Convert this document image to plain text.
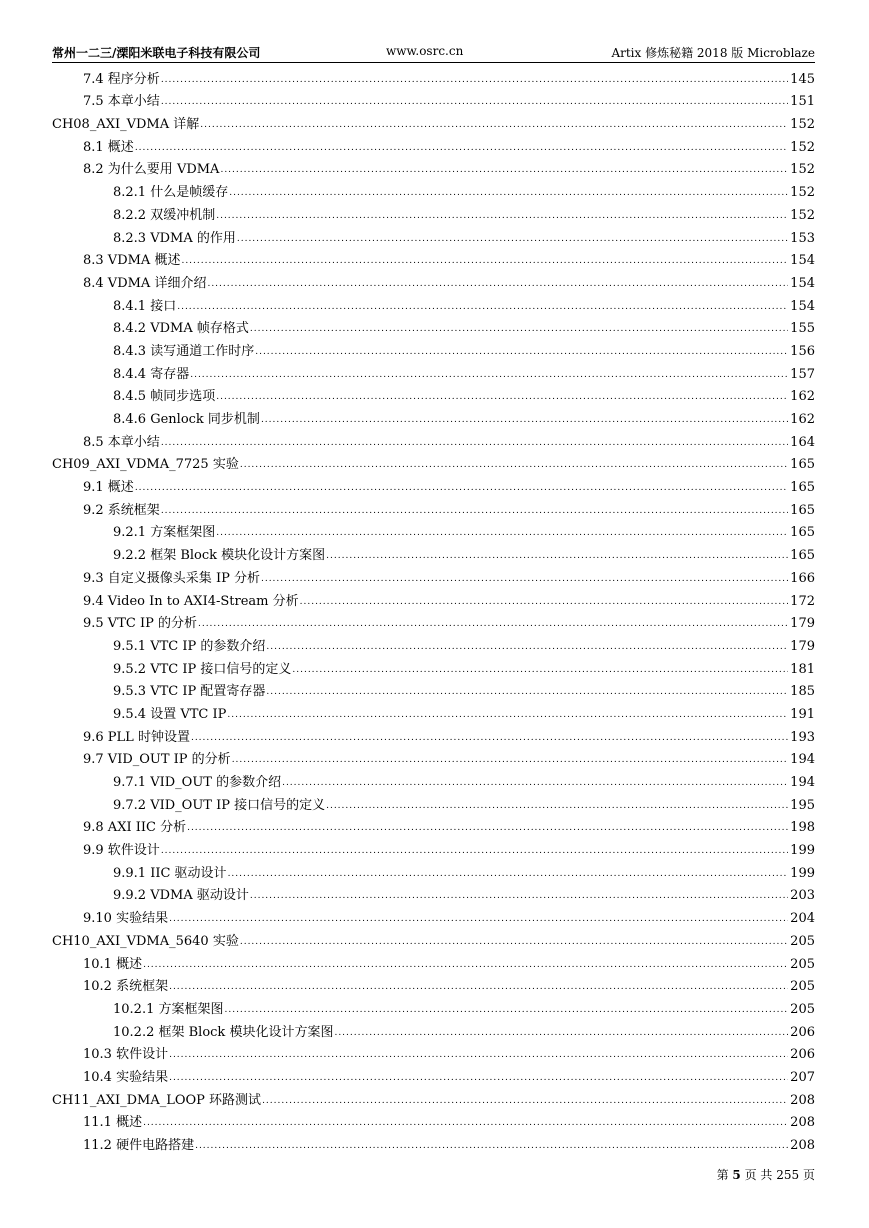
常州一二三/溧阳米联电子科技有限公司	www.osrc.cn	Artix 修炼秘籍 2018 版 Microblaze
7.4 程序分析 .....	145
7.5 本章小结 .....	151
CH08_AXI_VDMA 详解 .....	152
8.1 概述 .....	152
8.2 为什么要用 VDMA .....	152
8.2.1 什么是帧缓存 .....	152
8.2.2 双缓冲机制 .....	152
8.2.3 VDMA 的作用 .....	153
8.3 VDMA 概述 .....	154
8.4 VDMA 详细介绍 .....	154
8.4.1 接口 .....	154
8.4.2 VDMA 帧存格式 .....	155
8.4.3 读写通道工作时序 .....	156
8.4.4 寄存器 .....	157
8.4.5 帧同步选项 .....	162
8.4.6 Genlock 同步机制 .....	162
8.5 本章小结 .....	164
CH09_AXI_VDMA_7725 实验 .....	165
9.1 概述 .....	165
9.2 系统框架 .....	165
9.2.1 方案框架图 .....	165
9.2.2 框架 Block 模块化设计方案图 .....	165
9.3 自定义摄像头采集 IP 分析 .....	166
9.4 Video In to AXI4-Stream 分析 .....	172
9.5 VTC IP 的分析 .....	179
9.5.1 VTC IP 的参数介绍 .....	179
9.5.2 VTC IP 接口信号的定义 .....	181
9.5.3 VTC IP 配置寄存器 .....	185
9.5.4 设置 VTC IP .....	191
9.6 PLL 时钟设置 .....	193
9.7 VID_OUT IP 的分析 .....	194
9.7.1 VID_OUT 的参数介绍 .....	194
9.7.2 VID_OUT IP 接口信号的定义 .....	195
9.8 AXI IIC 分析 .....	198
9.9 软件设计 .....	199
9.9.1 IIC 驱动设计 .....	199
9.9.2 VDMA 驱动设计 .....	203
9.10 实验结果 .....	204
CH10_AXI_VDMA_5640 实验 .....	205
10.1 概述 .....	205
10.2 系统框架 .....	205
10.2.1 方案框架图 .....	205
10.2.2 框架 Block 模块化设计方案图 .....	206
10.3 软件设计 .....	206
10.4 实验结果 .....	207
CH11_AXI_DMA_LOOP 环路测试 .....	208
11.1 概述 .....	208
11.2 硬件电路搭建 .....	208
第 5 页 共 255 页
